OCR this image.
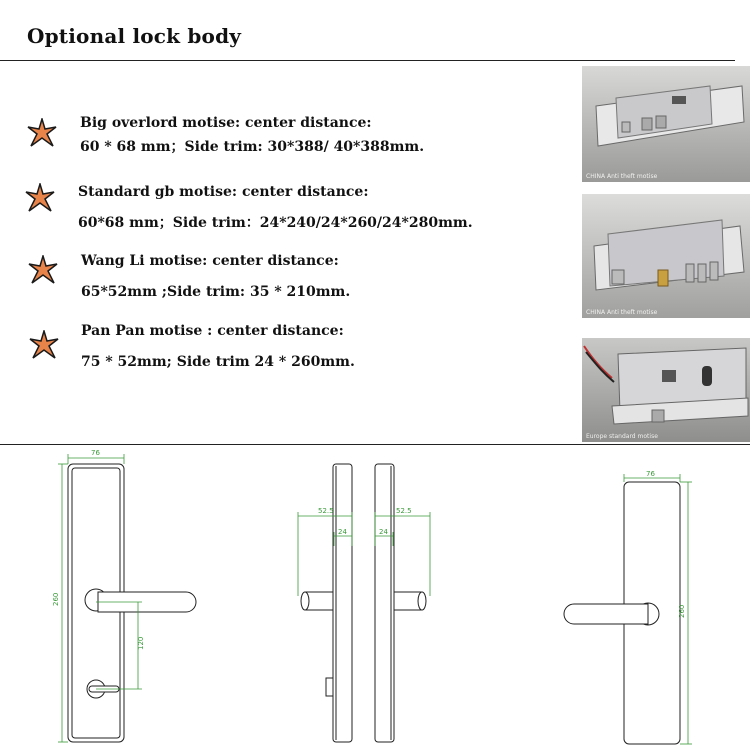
Optional lock body
Big overlord motise: center distance:
60 * 68 mm；Side trim: 30*388/ 40*388mm.
Standard gb motise: center distance:
60*68 mm；Side trim：24*240/24*260/24*280mm.
Wang Li motise: center distance:
65*52mm ;Side trim: 35 * 210mm.
Pan Pan motise : center distance:
75 * 52mm; Side trim 24 * 260mm.
CHINA Anti theft motise
CHINA Anti theft motise
Europe standard motise
76
260
120
52.5
24
52.5
24
76
260
